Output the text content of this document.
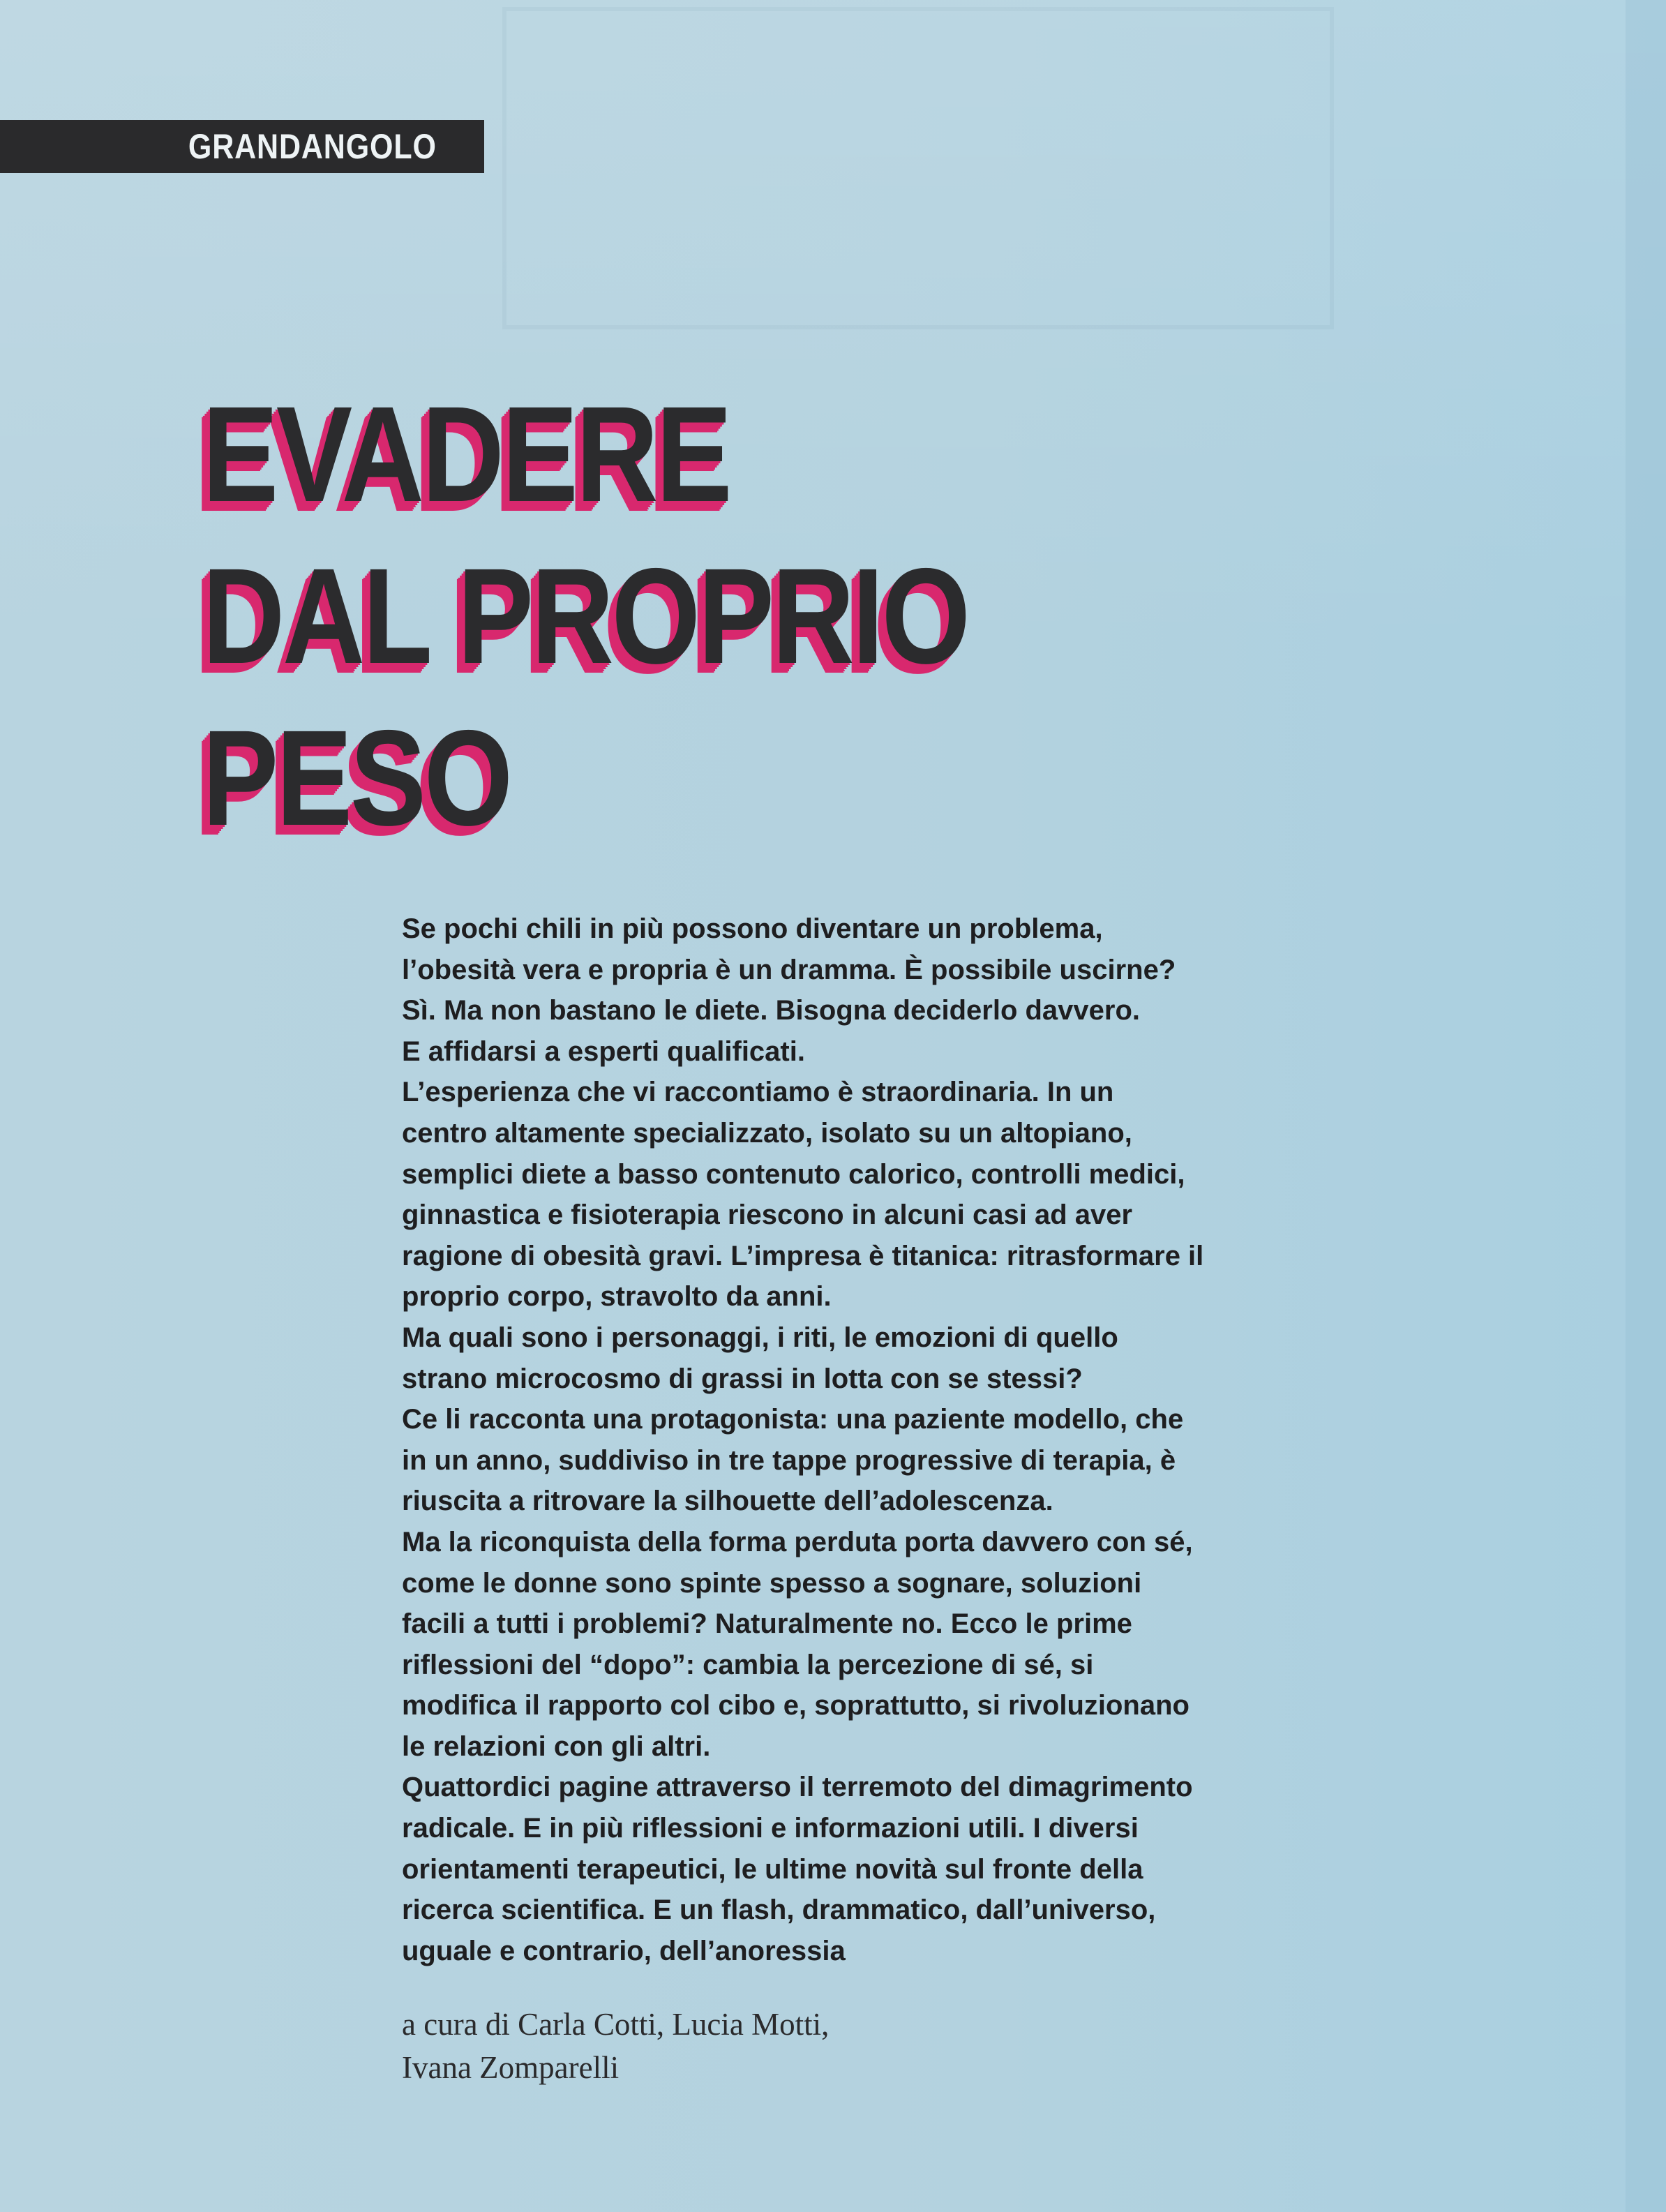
GRANDANGOLO
EVADERE
DAL PROPRIO
PESO
Se pochi chili in più possono diventare un problema,
l’obesità vera e propria è un dramma. È possibile uscirne?
Sì. Ma non bastano le diete. Bisogna deciderlo davvero.
E affidarsi a esperti qualificati.
L’esperienza che vi raccontiamo è straordinaria. In un
centro altamente specializzato, isolato su un altopiano,
semplici diete a basso contenuto calorico, controlli medici,
ginnastica e fisioterapia riescono in alcuni casi ad aver
ragione di obesità gravi. L’impresa è titanica: ritrasformare il
proprio corpo, stravolto da anni.
Ma quali sono i personaggi, i riti, le emozioni di quello
strano microcosmo di grassi in lotta con se stessi?
Ce li racconta una protagonista: una paziente modello, che
in un anno, suddiviso in tre tappe progressive di terapia, è
riuscita a ritrovare la silhouette dell’adolescenza.
Ma la riconquista della forma perduta porta davvero con sé,
come le donne sono spinte spesso a sognare, soluzioni
facili a tutti i problemi? Naturalmente no. Ecco le prime
riflessioni del “dopo”: cambia la percezione di sé, si
modifica il rapporto col cibo e, soprattutto, si rivoluzionano
le relazioni con gli altri.
Quattordici pagine attraverso il terremoto del dimagrimento
radicale. E in più riflessioni e informazioni utili. I diversi
orientamenti terapeutici, le ultime novità sul fronte della
ricerca scientifica. E un flash, drammatico, dall’universo,
uguale e contrario, dell’anoressia
a cura di Carla Cotti, Lucia Motti,
Ivana Zomparelli
